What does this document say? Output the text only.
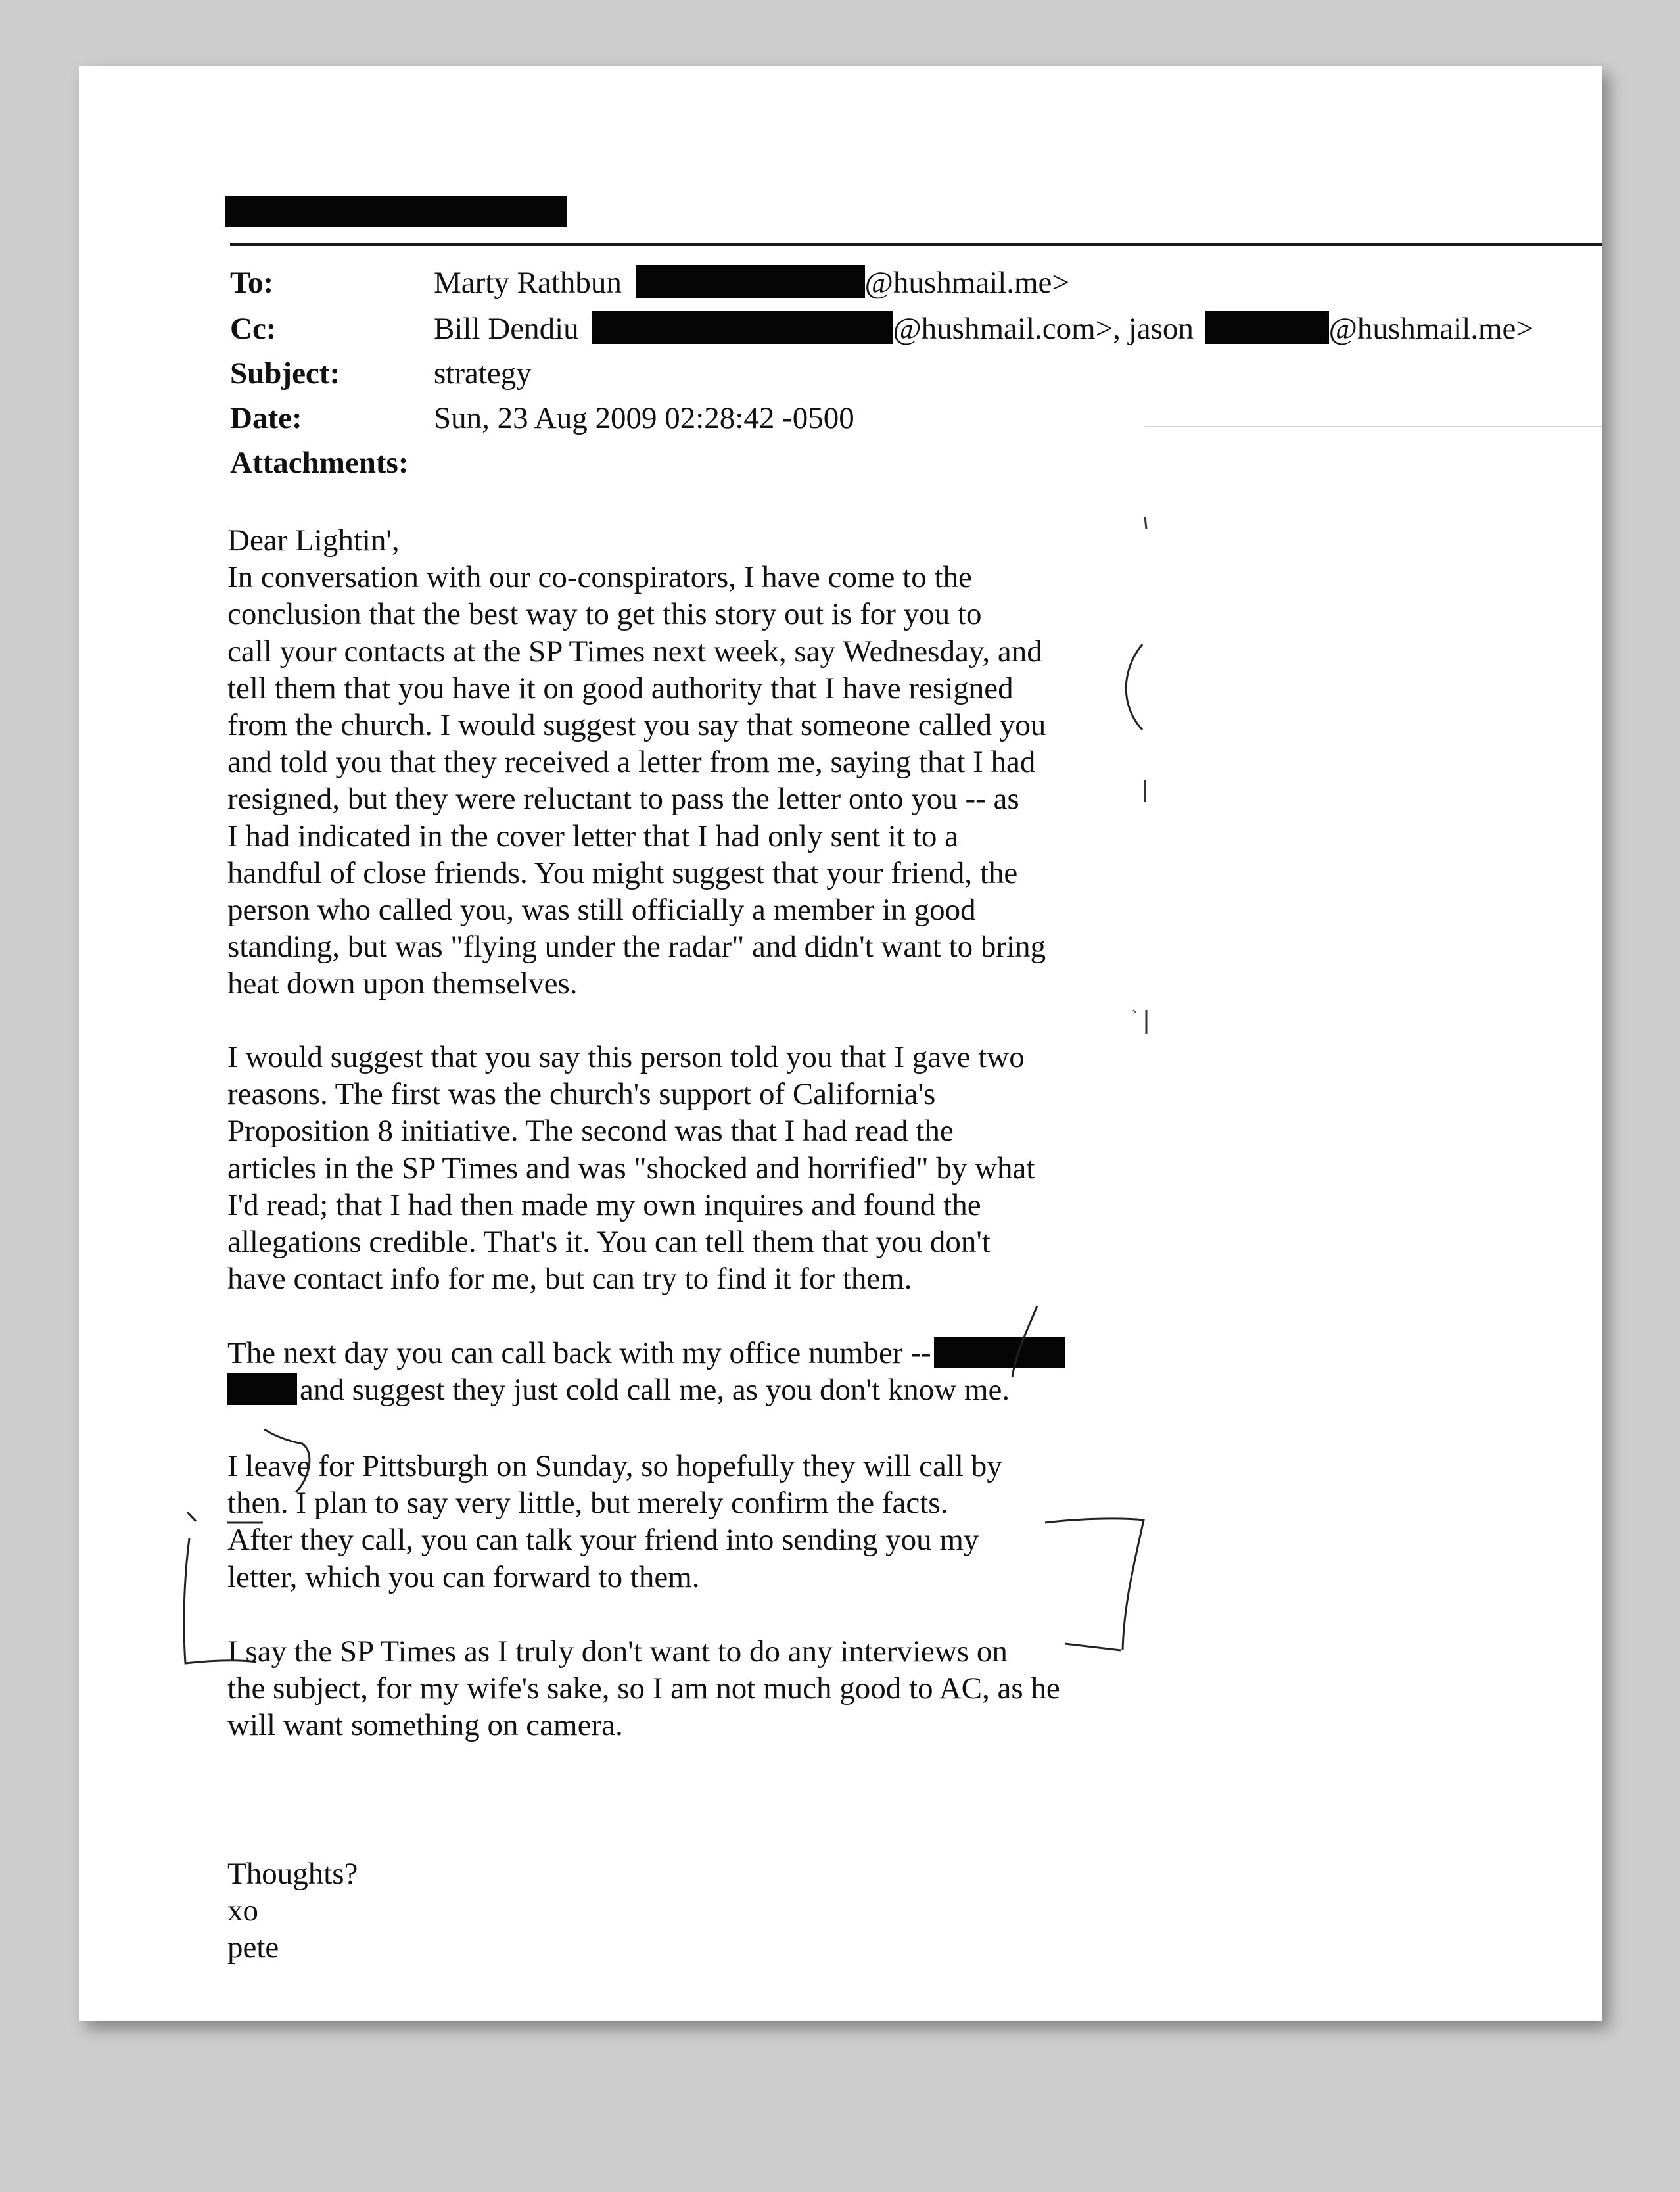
To:	Marty Rathbun	@hushmail.me>
Cc:	Bill Dendiu	@hushmail.com>, jason	@hushmail.me>
Subject:	strategy
Date:	Sun, 23 Aug 2009 02:28:42 -0500
Attachments:
Dear Lightin',
In conversation with our co-conspirators, I have come to the
conclusion that the best way to get this story out is for you to
call your contacts at the SP Times next week, say Wednesday, and
tell them that you have it on good authority that I have resigned
from the church. I would suggest you say that someone called you
and told you that they received a letter from me, saying that I had
resigned, but they were reluctant to pass the letter onto you -- as
I had indicated in the cover letter that I had only sent it to a
handful of close friends. You might suggest that your friend, the
person who called you, was still officially a member in good
standing, but was "flying under the radar" and didn't want to bring
heat down upon themselves.
I would suggest that you say this person told you that I gave two
reasons. The first was the church's support of California's
Proposition 8 initiative. The second was that I had read the
articles in the SP Times and was "shocked and horrified" by what
I'd read; that I had then made my own inquires and found the
allegations credible. That's it. You can tell them that you don't
have contact info for me, but can try to find it for them.
The next day you can call back with my office number --
and suggest they just cold call me, as you don't know me.
I leave for Pittsburgh on Sunday, so hopefully they will call by
then. I plan to say very little, but merely confirm the facts.
After they call, you can talk your friend into sending you my
letter, which you can forward to them.
I say the SP Times as I truly don't want to do any interviews on
the subject, for my wife's sake, so I am not much good to AC, as he
will want something on camera.
Thoughts?
xo
pete
